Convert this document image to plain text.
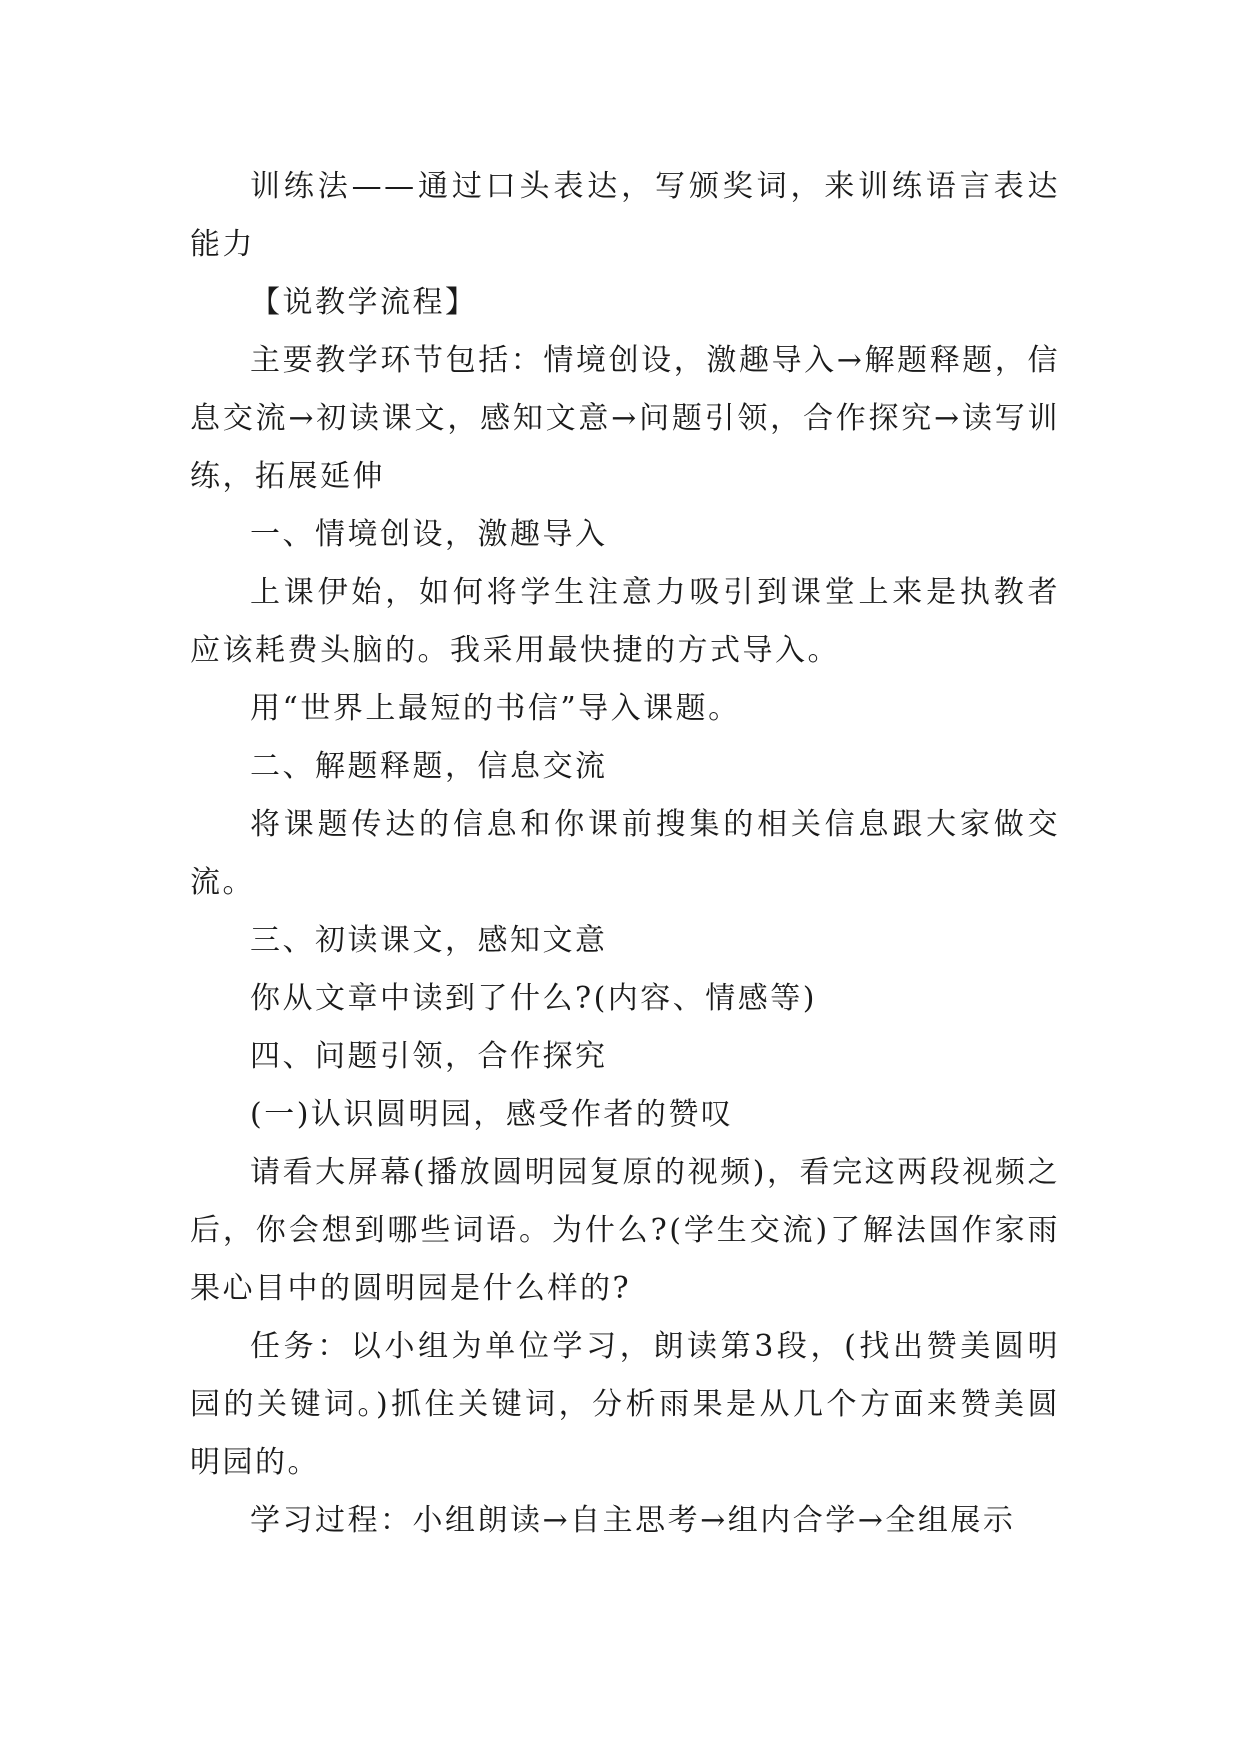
训练法——通过口头表达，写颁奖词，来训练语言表达能力

【说教学流程】

主要教学环节包括：情境创设，激趣导入→解题释题，信息交流→初读课文，感知文意→问题引领，合作探究→读写训练，拓展延伸

一、情境创设，激趣导入

上课伊始，如何将学生注意力吸引到课堂上来是执教者应该耗费头脑的。我采用最快捷的方式导入。

用“世界上最短的书信”导入课题。

二、解题释题，信息交流

将课题传达的信息和你课前搜集的相关信息跟大家做交流。

三、初读课文，感知文意

你从文章中读到了什么?(内容、情感等)

四、问题引领，合作探究

(一)认识圆明园，感受作者的赞叹

请看大屏幕(播放圆明园复原的视频)，看完这两段视频之后，你会想到哪些词语。为什么?(学生交流)了解法国作家雨果心目中的圆明园是什么样的?

任务：以小组为单位学习，朗读第3段，(找出赞美圆明园的关键词。)抓住关键词，分析雨果是从几个方面来赞美圆明园的。

学习过程：小组朗读→自主思考→组内合学→全组展示
